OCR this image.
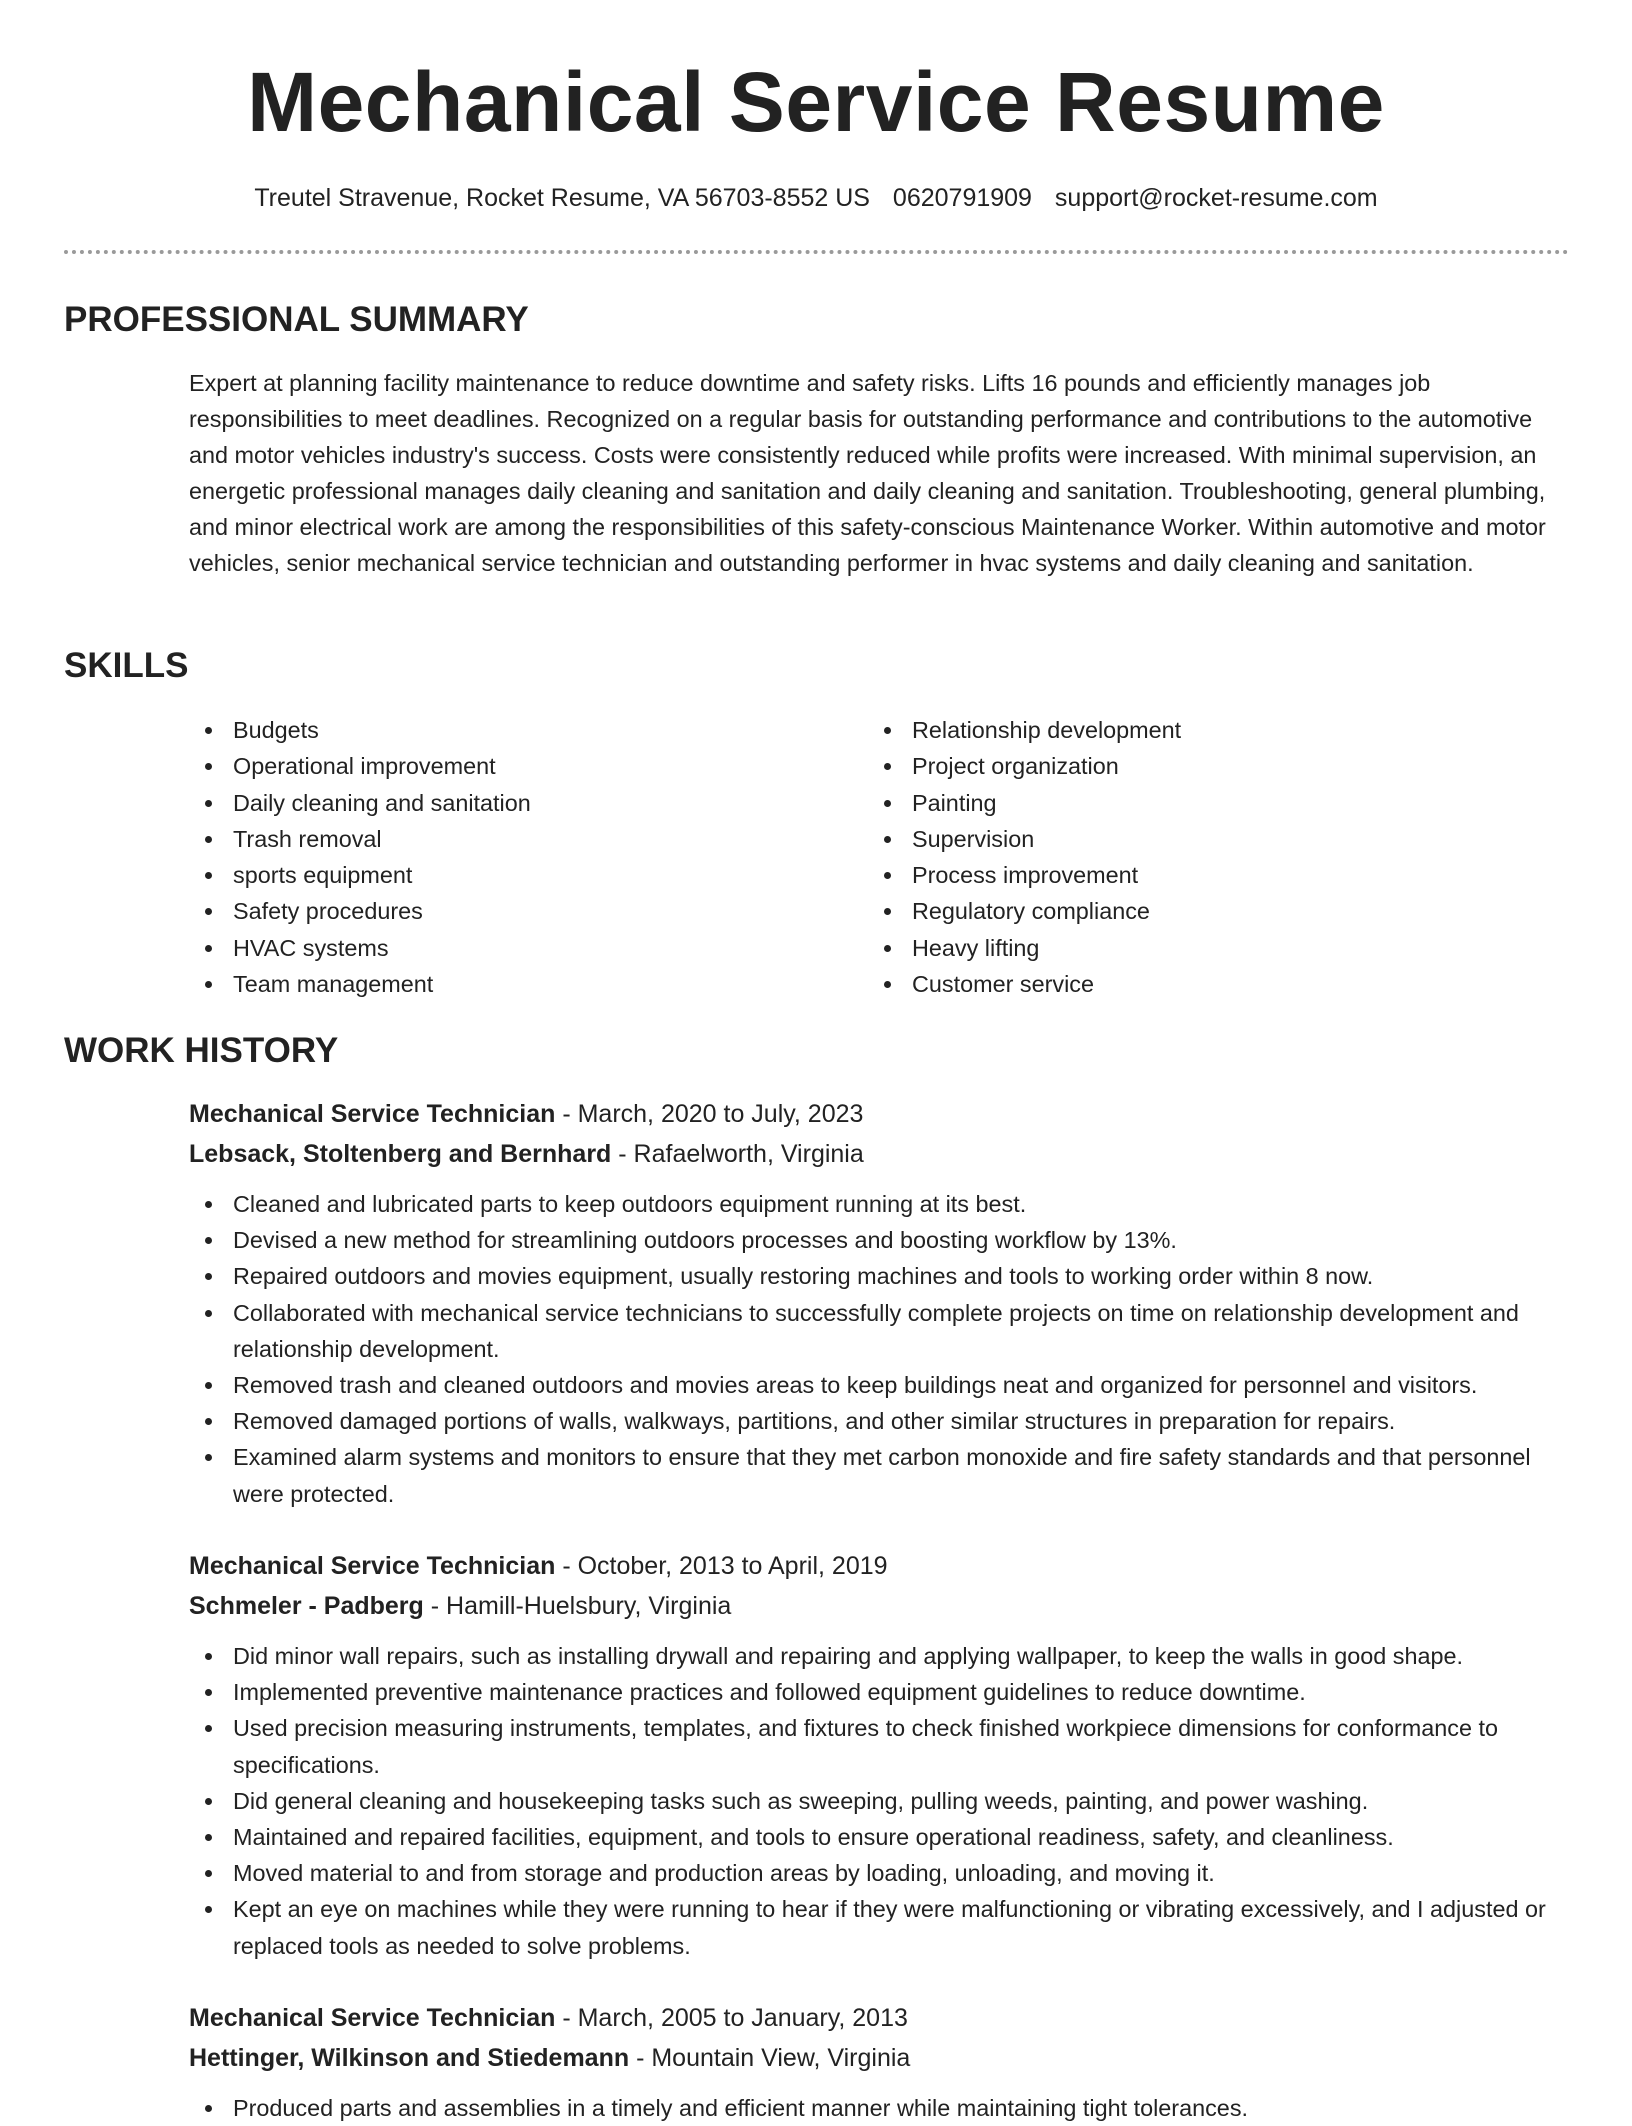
Mechanical Service Resume
Treutel Stravenue, Rocket Resume, VA 56703-8552 US 0620791909 support@rocket-resume.com
PROFESSIONAL SUMMARY

Expert at planning facility maintenance to reduce downtime and safety risks. Lifts 16 pounds and efficiently manages job responsibilities to meet deadlines. Recognized on a regular basis for outstanding performance and contributions to the automotive and motor vehicles industry's success. Costs were consistently reduced while profits were increased. With minimal supervision, an energetic professional manages daily cleaning and sanitation and daily cleaning and sanitation. Troubleshooting, general plumbing, and minor electrical work are among the responsibilities of this safety-conscious Maintenance Worker. Within automotive and motor vehicles, senior mechanical service technician and outstanding performer in hvac systems and daily cleaning and sanitation.

SKILLS
Budgets
Operational improvement
Daily cleaning and sanitation
Trash removal
sports equipment
Safety procedures
HVAC systems
Team management
Relationship development
Project organization
Painting
Supervision
Process improvement
Regulatory compliance
Heavy lifting
Customer service
WORK HISTORY
Mechanical Service Technician - March, 2020 to July, 2023
Lebsack, Stoltenberg and Bernhard - Rafaelworth, Virginia
Cleaned and lubricated parts to keep outdoors equipment running at its best.
Devised a new method for streamlining outdoors processes and boosting workflow by 13%.
Repaired outdoors and movies equipment, usually restoring machines and tools to working order within 8 now.
Collaborated with mechanical service technicians to successfully complete projects on time on relationship development and relationship development.
Removed trash and cleaned outdoors and movies areas to keep buildings neat and organized for personnel and visitors.
Removed damaged portions of walls, walkways, partitions, and other similar structures in preparation for repairs.
Examined alarm systems and monitors to ensure that they met carbon monoxide and fire safety standards and that personnel were protected.
Mechanical Service Technician - October, 2013 to April, 2019
Schmeler - Padberg - Hamill-Huelsbury, Virginia
Did minor wall repairs, such as installing drywall and repairing and applying wallpaper, to keep the walls in good shape.
Implemented preventive maintenance practices and followed equipment guidelines to reduce downtime.
Used precision measuring instruments, templates, and fixtures to check finished workpiece dimensions for conformance to specifications.
Did general cleaning and housekeeping tasks such as sweeping, pulling weeds, painting, and power washing.
Maintained and repaired facilities, equipment, and tools to ensure operational readiness, safety, and cleanliness.
Moved material to and from storage and production areas by loading, unloading, and moving it.
Kept an eye on machines while they were running to hear if they were malfunctioning or vibrating excessively, and I adjusted or replaced tools as needed to solve problems.
Mechanical Service Technician - March, 2005 to January, 2013
Hettinger, Wilkinson and Stiedemann - Mountain View, Virginia
Produced parts and assemblies in a timely and efficient manner while maintaining tight tolerances.
